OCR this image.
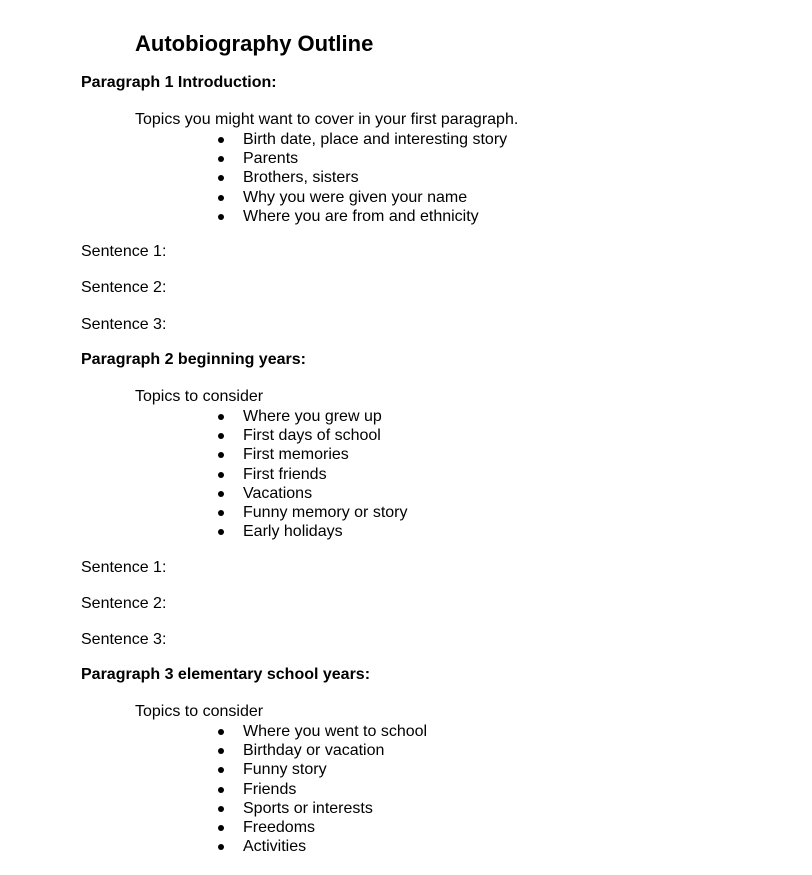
Autobiography Outline
Paragraph 1 Introduction:
Topics you might want to cover in your first paragraph.
Birth date, place and interesting story
Parents
Brothers, sisters
Why you were given your name
Where you are from and ethnicity
Sentence 1:
Sentence 2:
Sentence 3:
Paragraph 2 beginning years:
Topics to consider
Where you grew up
First days of school
First memories
First friends
Vacations
Funny memory or story
Early holidays
Sentence 1:
Sentence 2:
Sentence 3:
Paragraph 3 elementary school years:
Topics to consider
Where you went to school
Birthday or vacation
Funny story
Friends
Sports or interests
Freedoms
Activities
